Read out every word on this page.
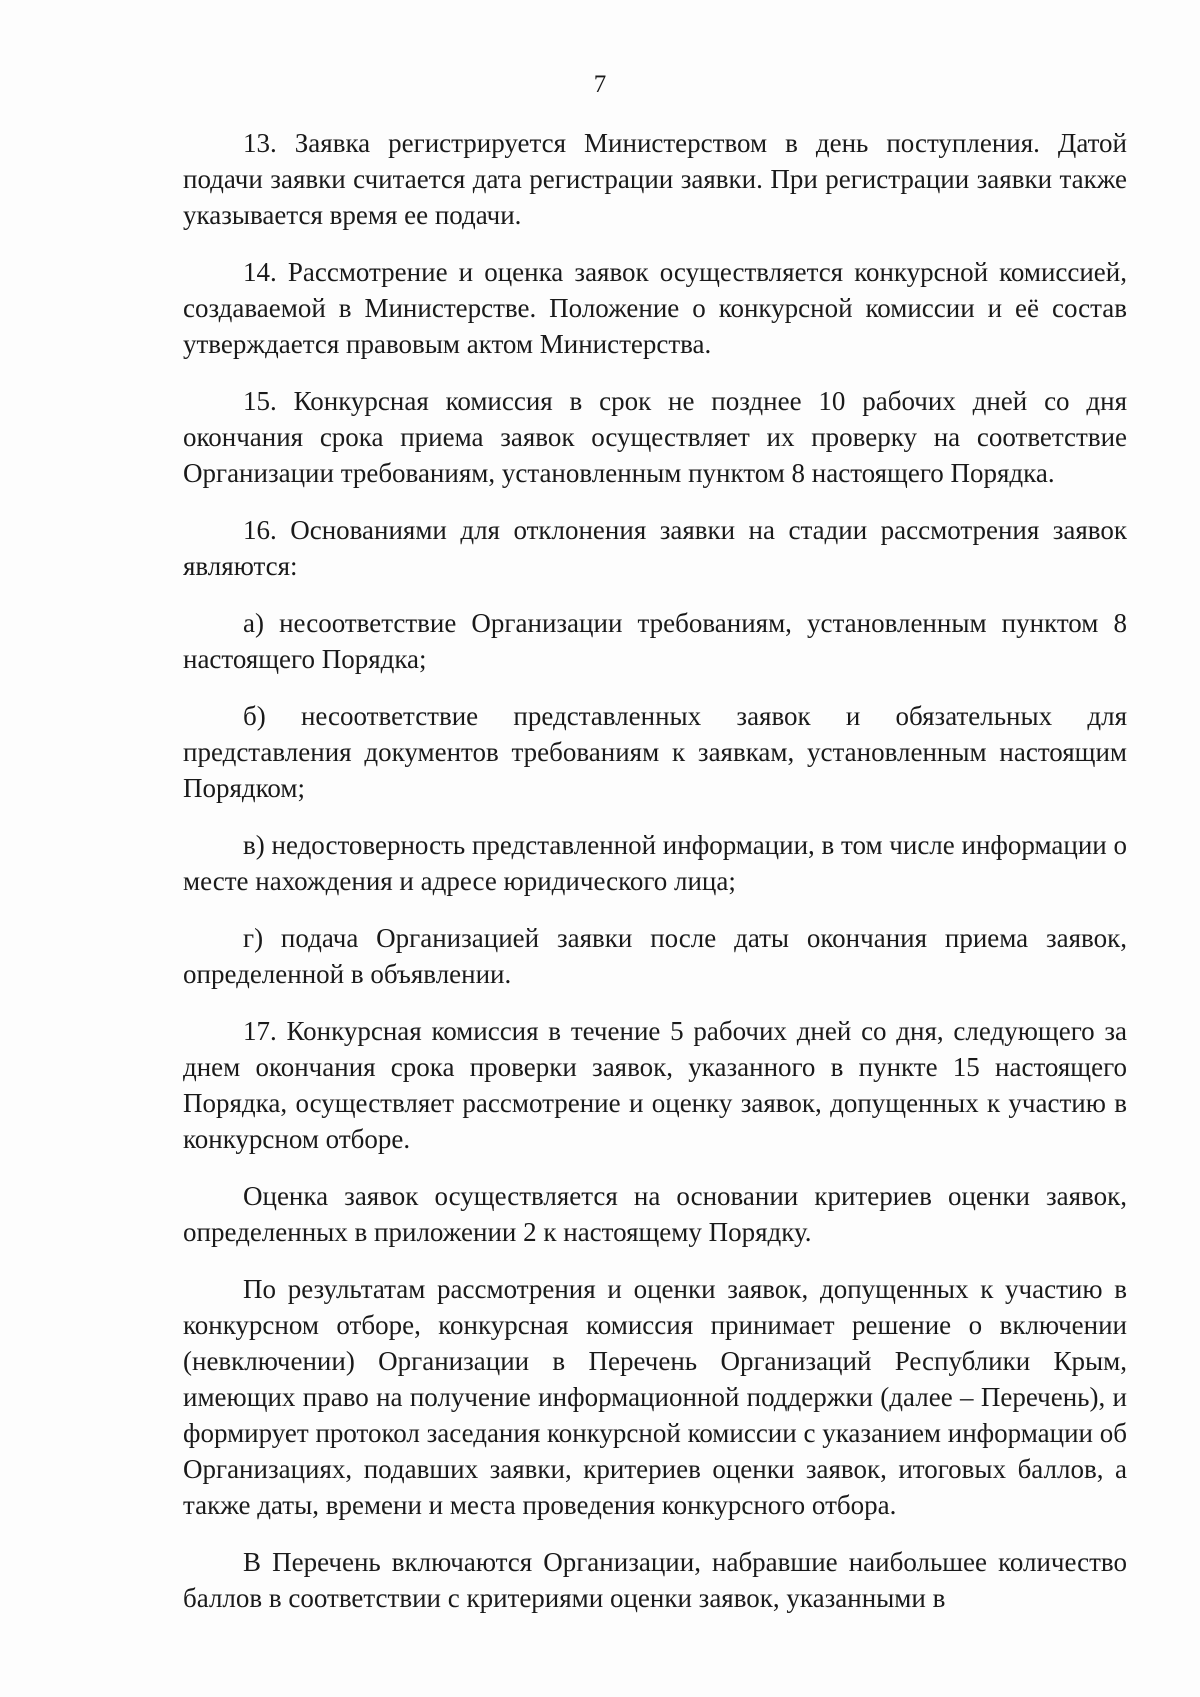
7

13. Заявка регистрируется Министерством в день поступления. Датой подачи заявки считается дата регистрации заявки. При регистрации заявки также указывается время ее подачи.

14. Рассмотрение и оценка заявок осуществляется конкурсной комиссией, создаваемой в Министерстве. Положение о конкурсной комиссии и её состав утверждается правовым актом Министерства.

15. Конкурсная комиссия в срок не позднее 10 рабочих дней со дня окончания срока приема заявок осуществляет их проверку на соответствие Организации требованиям, установленным пунктом 8 настоящего Порядка.

16. Основаниями для отклонения заявки на стадии рассмотрения заявок являются:

а) несоответствие Организации требованиям, установленным пунктом 8 настоящего Порядка;

б) несоответствие представленных заявок и обязательных для представления документов требованиям к заявкам, установленным настоящим Порядком;

в) недостоверность представленной информации, в том числе информации о месте нахождения и адресе юридического лица;

г) подача Организацией заявки после даты окончания приема заявок, определенной в объявлении.

17. Конкурсная комиссия в течение 5 рабочих дней со дня, следующего за днем окончания срока проверки заявок, указанного в пункте 15 настоящего Порядка, осуществляет рассмотрение и оценку заявок, допущенных к участию в конкурсном отборе.

Оценка заявок осуществляется на основании критериев оценки заявок, определенных в приложении 2 к настоящему Порядку.

По результатам рассмотрения и оценки заявок, допущенных к участию в конкурсном отборе, конкурсная комиссия принимает решение о включении (невключении) Организации в Перечень Организаций Республики Крым, имеющих право на получение информационной поддержки (далее – Перечень), и формирует протокол заседания конкурсной комиссии с указанием информации об Организациях, подавших заявки, критериев оценки заявок, итоговых баллов, а также даты, времени и места проведения конкурсного отбора.

В Перечень включаются Организации, набравшие наибольшее количество баллов в соответствии с критериями оценки заявок, указанными в
